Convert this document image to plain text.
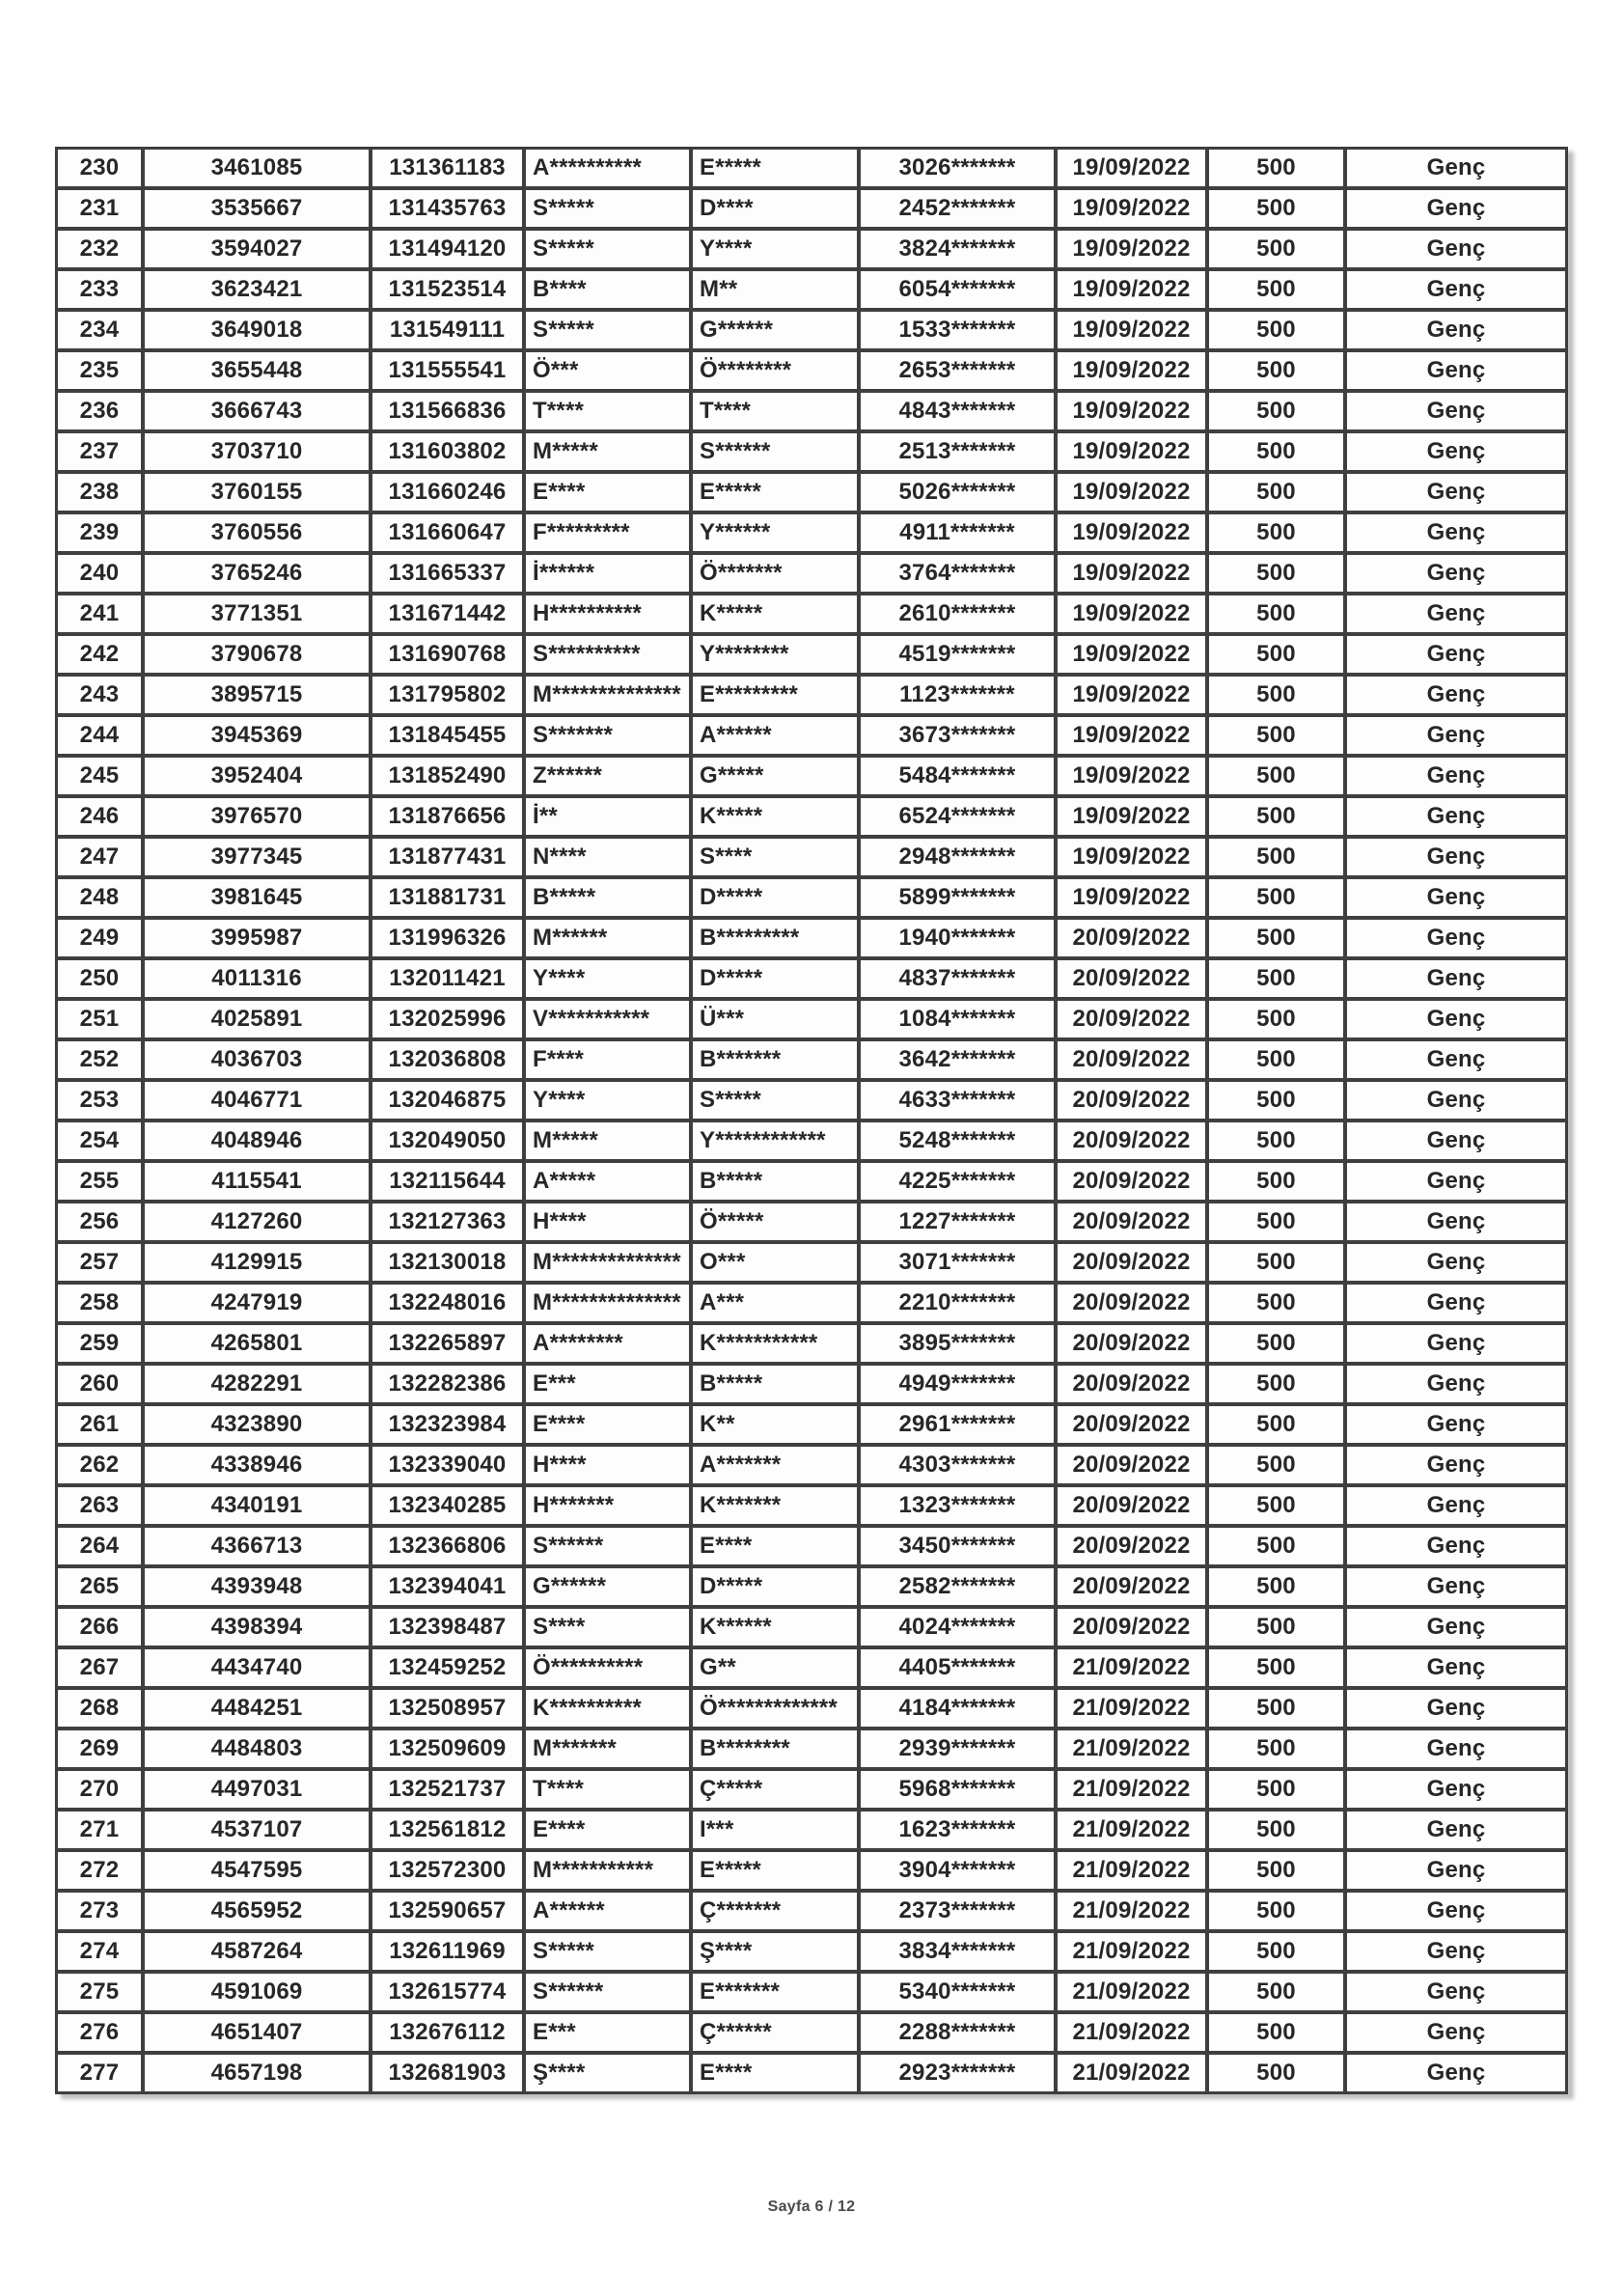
230	3461085	131361183	A**********	E*****	3026*******	19/09/2022	500	Genç
231	3535667	131435763	S*****	D****	2452*******	19/09/2022	500	Genç
232	3594027	131494120	S*****	Y****	3824*******	19/09/2022	500	Genç
233	3623421	131523514	B****	M**	6054*******	19/09/2022	500	Genç
234	3649018	131549111	S*****	G******	1533*******	19/09/2022	500	Genç
235	3655448	131555541	Ö***	Ö********	2653*******	19/09/2022	500	Genç
236	3666743	131566836	T****	T****	4843*******	19/09/2022	500	Genç
237	3703710	131603802	M*****	S******	2513*******	19/09/2022	500	Genç
238	3760155	131660246	E****	E*****	5026*******	19/09/2022	500	Genç
239	3760556	131660647	F*********	Y******	4911*******	19/09/2022	500	Genç
240	3765246	131665337	İ******	Ö*******	3764*******	19/09/2022	500	Genç
241	3771351	131671442	H**********	K*****	2610*******	19/09/2022	500	Genç
242	3790678	131690768	S**********	Y********	4519*******	19/09/2022	500	Genç
243	3895715	131795802	M**************	E*********	1123*******	19/09/2022	500	Genç
244	3945369	131845455	S*******	A******	3673*******	19/09/2022	500	Genç
245	3952404	131852490	Z******	G*****	5484*******	19/09/2022	500	Genç
246	3976570	131876656	İ**	K*****	6524*******	19/09/2022	500	Genç
247	3977345	131877431	N****	S****	2948*******	19/09/2022	500	Genç
248	3981645	131881731	B*****	D*****	5899*******	19/09/2022	500	Genç
249	3995987	131996326	M******	B*********	1940*******	20/09/2022	500	Genç
250	4011316	132011421	Y****	D*****	4837*******	20/09/2022	500	Genç
251	4025891	132025996	V***********	Ü***	1084*******	20/09/2022	500	Genç
252	4036703	132036808	F****	B*******	3642*******	20/09/2022	500	Genç
253	4046771	132046875	Y****	S*****	4633*******	20/09/2022	500	Genç
254	4048946	132049050	M*****	Y************	5248*******	20/09/2022	500	Genç
255	4115541	132115644	A*****	B*****	4225*******	20/09/2022	500	Genç
256	4127260	132127363	H****	Ö*****	1227*******	20/09/2022	500	Genç
257	4129915	132130018	M**************	O***	3071*******	20/09/2022	500	Genç
258	4247919	132248016	M**************	A***	2210*******	20/09/2022	500	Genç
259	4265801	132265897	A********	K***********	3895*******	20/09/2022	500	Genç
260	4282291	132282386	E***	B*****	4949*******	20/09/2022	500	Genç
261	4323890	132323984	E****	K**	2961*******	20/09/2022	500	Genç
262	4338946	132339040	H****	A*******	4303*******	20/09/2022	500	Genç
263	4340191	132340285	H*******	K*******	1323*******	20/09/2022	500	Genç
264	4366713	132366806	S******	E****	3450*******	20/09/2022	500	Genç
265	4393948	132394041	G******	D*****	2582*******	20/09/2022	500	Genç
266	4398394	132398487	S****	K******	4024*******	20/09/2022	500	Genç
267	4434740	132459252	Ö**********	G**	4405*******	21/09/2022	500	Genç
268	4484251	132508957	K**********	Ö*************	4184*******	21/09/2022	500	Genç
269	4484803	132509609	M*******	B********	2939*******	21/09/2022	500	Genç
270	4497031	132521737	T****	Ç*****	5968*******	21/09/2022	500	Genç
271	4537107	132561812	E****	I***	1623*******	21/09/2022	500	Genç
272	4547595	132572300	M***********	E*****	3904*******	21/09/2022	500	Genç
273	4565952	132590657	A******	Ç*******	2373*******	21/09/2022	500	Genç
274	4587264	132611969	S*****	Ş****	3834*******	21/09/2022	500	Genç
275	4591069	132615774	S******	E*******	5340*******	21/09/2022	500	Genç
276	4651407	132676112	E***	Ç******	2288*******	21/09/2022	500	Genç
277	4657198	132681903	Ş****	E****	2923*******	21/09/2022	500	Genç
Sayfa 6 / 12
